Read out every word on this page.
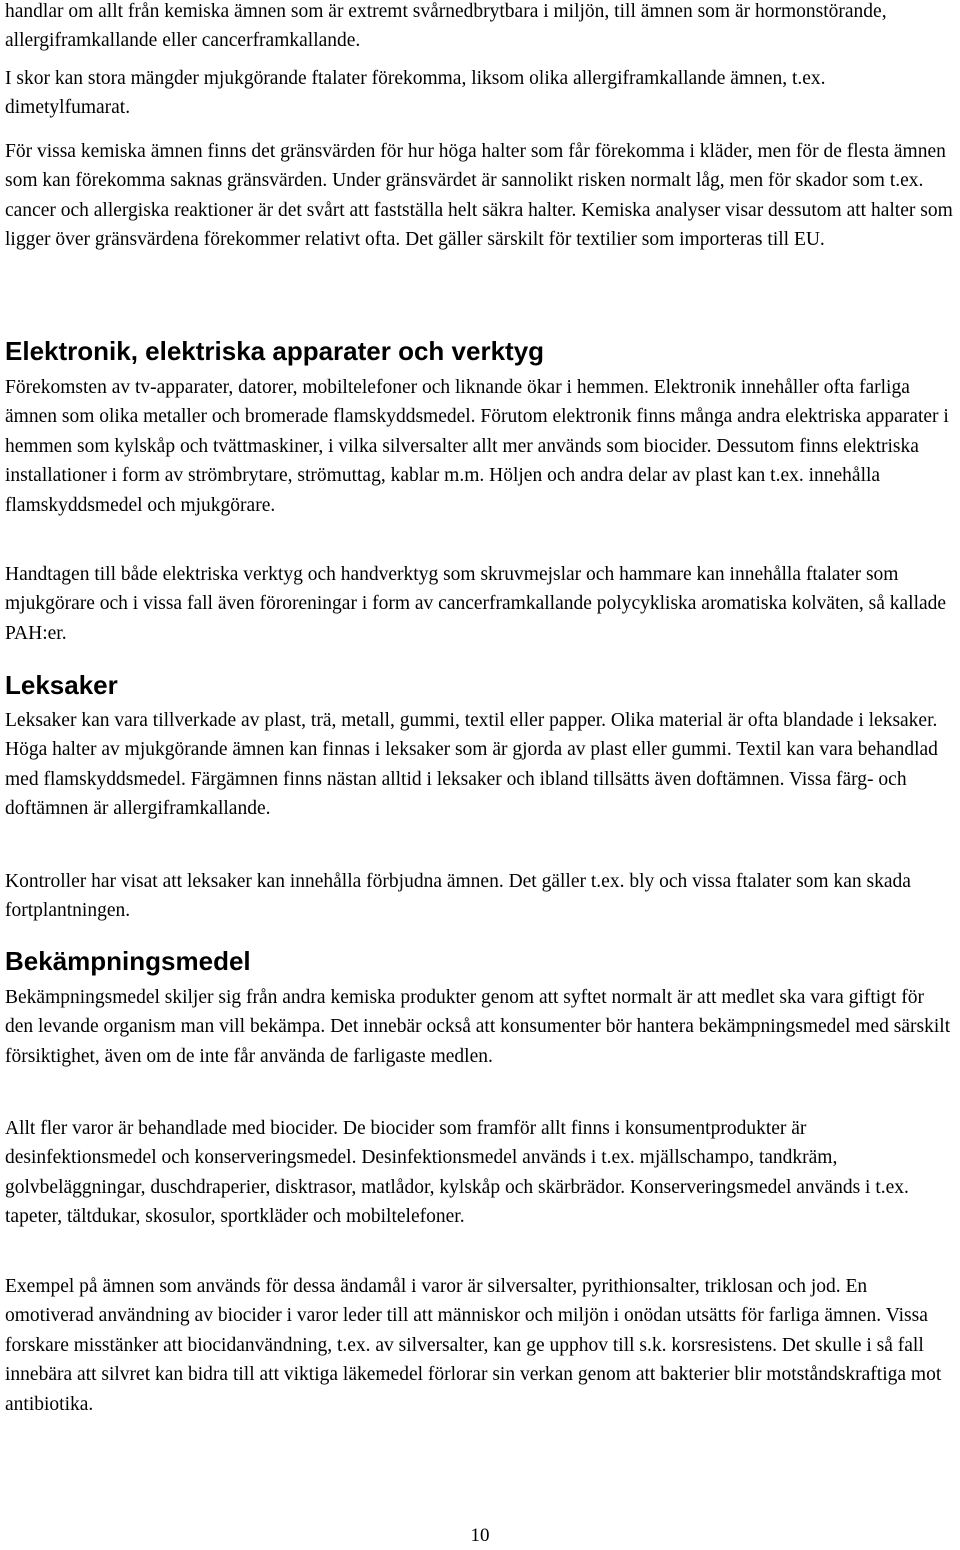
handlar om allt från kemiska ämnen som är extremt svårnedbrytbara i miljön, till ämnen som är hormonstörande, allergiframkallande eller cancerframkallande.

I skor kan stora mängder mjukgörande ftalater förekomma, liksom olika allergiframkallande ämnen, t.ex. dimetylfumarat.

För vissa kemiska ämnen finns det gränsvärden för hur höga halter som får förekomma i kläder, men för de flesta ämnen som kan förekomma saknas gränsvärden. Under gränsvärdet är sannolikt risken normalt låg, men för skador som t.ex. cancer och allergiska reaktioner är det svårt att fastställa helt säkra halter. Kemiska analyser visar dessutom att halter som ligger över gränsvärdena förekommer relativt ofta. Det gäller särskilt för textilier som importeras till EU.

Elektronik, elektriska apparater och verktyg

Förekomsten av tv-apparater, datorer, mobiltelefoner och liknande ökar i hemmen. Elektronik innehåller ofta farliga ämnen som olika metaller och bromerade flamskyddsmedel. Förutom elektronik finns många andra elektriska apparater i hemmen som kylskåp och tvättmaskiner, i vilka silversalter allt mer används som biocider. Dessutom finns elektriska installationer i form av strömbrytare, strömuttag, kablar m.m. Höljen och andra delar av plast kan t.ex. innehålla flamskyddsmedel och mjukgörare.

Handtagen till både elektriska verktyg och handverktyg som skruvmejslar och hammare kan innehålla ftalater som mjukgörare och i vissa fall även föroreningar i form av cancerframkallande polycykliska aromatiska kolväten, så kallade PAH:er.

Leksaker

Leksaker kan vara tillverkade av plast, trä, metall, gummi, textil eller papper. Olika material är ofta blandade i leksaker. Höga halter av mjukgörande ämnen kan finnas i leksaker som är gjorda av plast eller gummi. Textil kan vara behandlad med flamskyddsmedel. Färgämnen finns nästan alltid i leksaker och ibland tillsätts även doftämnen. Vissa färg- och doftämnen är allergiframkallande.

Kontroller har visat att leksaker kan innehålla förbjudna ämnen. Det gäller t.ex. bly och vissa ftalater som kan skada fortplantningen.

Bekämpningsmedel

Bekämpningsmedel skiljer sig från andra kemiska produkter genom att syftet normalt är att medlet ska vara giftigt för den levande organism man vill bekämpa. Det innebär också att konsumenter bör hantera bekämpningsmedel med särskilt försiktighet, även om de inte får använda de farligaste medlen.

Allt fler varor är behandlade med biocider. De biocider som framför allt finns i konsumentprodukter är desinfektionsmedel och konserveringsmedel. Desinfektionsmedel används i t.ex. mjällschampo, tandkräm, golvbeläggningar, duschdraperier, disktrasor, matlådor, kylskåp och skärbrädor. Konserveringsmedel används i t.ex. tapeter, tältdukar, skosulor, sportkläder och mobiltelefoner.

Exempel på ämnen som används för dessa ändamål i varor är silversalter, pyrithionsalter, triklosan och jod. En omotiverad användning av biocider i varor leder till att människor och miljön i onödan utsätts för farliga ämnen. Vissa forskare misstänker att biocidanvändning, t.ex. av silversalter, kan ge upphov till s.k. korsresistens. Det skulle i så fall innebära att silvret kan bidra till att viktiga läkemedel förlorar sin verkan genom att bakterier blir motståndskraftiga mot antibiotika.

10
